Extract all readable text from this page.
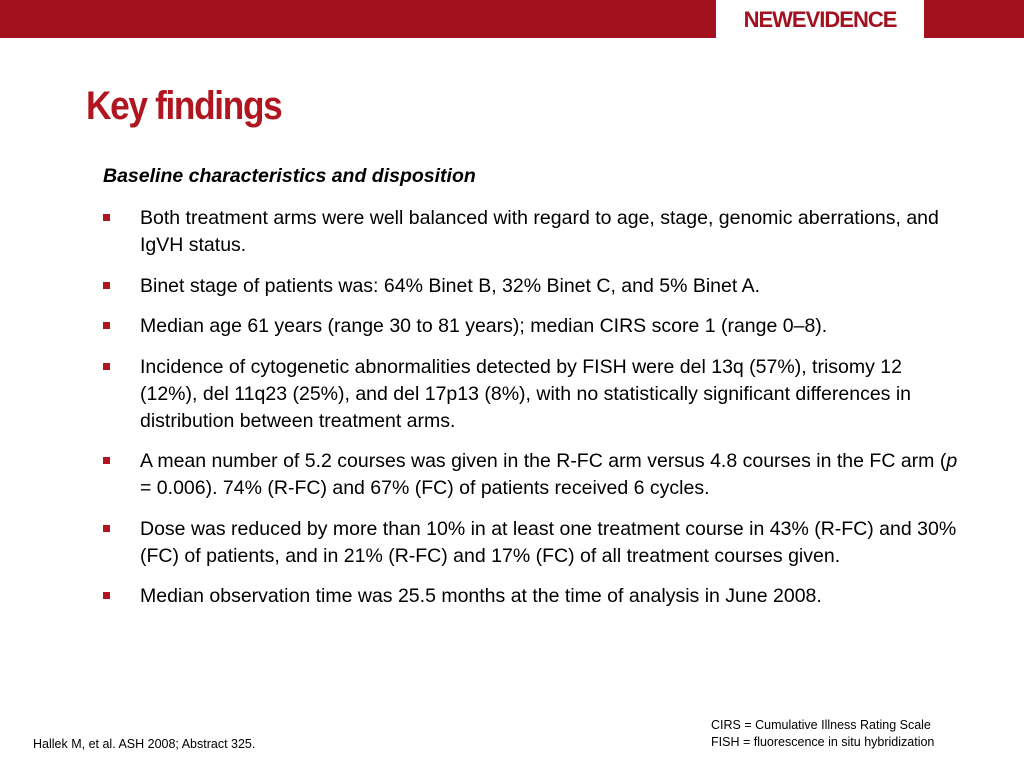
NEWEVIDENCE
Key findings
Baseline characteristics and disposition
Both treatment arms were well balanced with regard to age, stage, genomic aberrations, and IgVH status.
Binet stage of patients was: 64% Binet B, 32% Binet C, and 5% Binet A.
Median age 61 years (range 30 to 81 years); median CIRS score 1 (range 0–8).
Incidence of cytogenetic abnormalities detected by FISH were del 13q (57%), trisomy 12 (12%), del 11q23 (25%), and del 17p13 (8%), with no statistically significant differences in distribution between treatment arms.
A mean number of 5.2 courses was given in the R-FC arm versus 4.8 courses in the FC arm (p = 0.006). 74% (R-FC) and 67% (FC) of patients received 6 cycles.
Dose was reduced by more than 10% in at least one treatment course in 43% (R-FC) and 30% (FC) of patients, and in 21% (R-FC) and 17% (FC) of all treatment courses given.
Median observation time was 25.5 months at the time of analysis in June 2008.
Hallek M, et al. ASH 2008; Abstract 325.
CIRS = Cumulative Illness Rating Scale
FISH = fluorescence in situ hybridization
